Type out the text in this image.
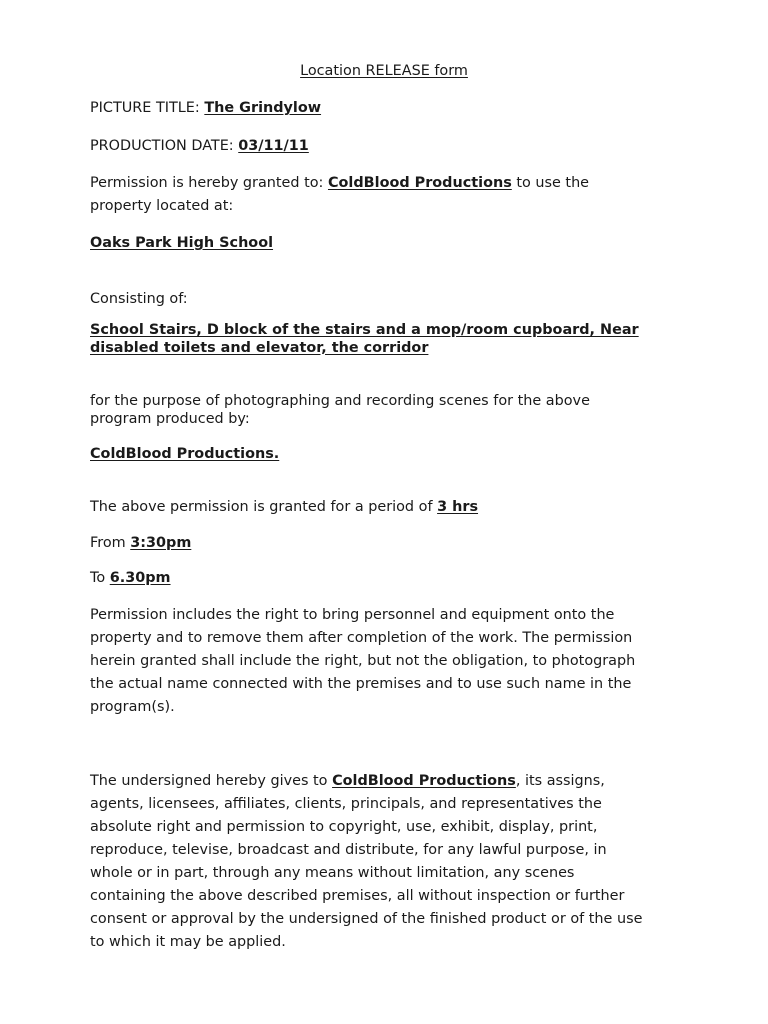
Location RELEASE form
PICTURE TITLE: The Grindylow
PRODUCTION DATE: 03/11/11
Permission is hereby granted to: ColdBlood Productions to use the
property located at:
Oaks Park High School
Consisting of:
School Stairs, D block of the stairs and a mop/room cupboard, Near
disabled toilets and elevator, the corridor
for the purpose of photographing and recording scenes for the above
program produced by:
ColdBlood Productions.
The above permission is granted for a period of 3 hrs
From 3:30pm
To 6.30pm
Permission includes the right to bring personnel and equipment onto the
property and to remove them after completion of the work. The permission
herein granted shall include the right, but not the obligation, to photograph
the actual name connected with the premises and to use such name in the
program(s).
The undersigned hereby gives to ColdBlood Productions, its assigns,
agents, licensees, affiliates, clients, principals, and representatives the
absolute right and permission to copyright, use, exhibit, display, print,
reproduce, televise, broadcast and distribute, for any lawful purpose, in
whole or in part, through any means without limitation, any scenes
containing the above described premises, all without inspection or further
consent or approval by the undersigned of the finished product or of the use
to which it may be applied.
